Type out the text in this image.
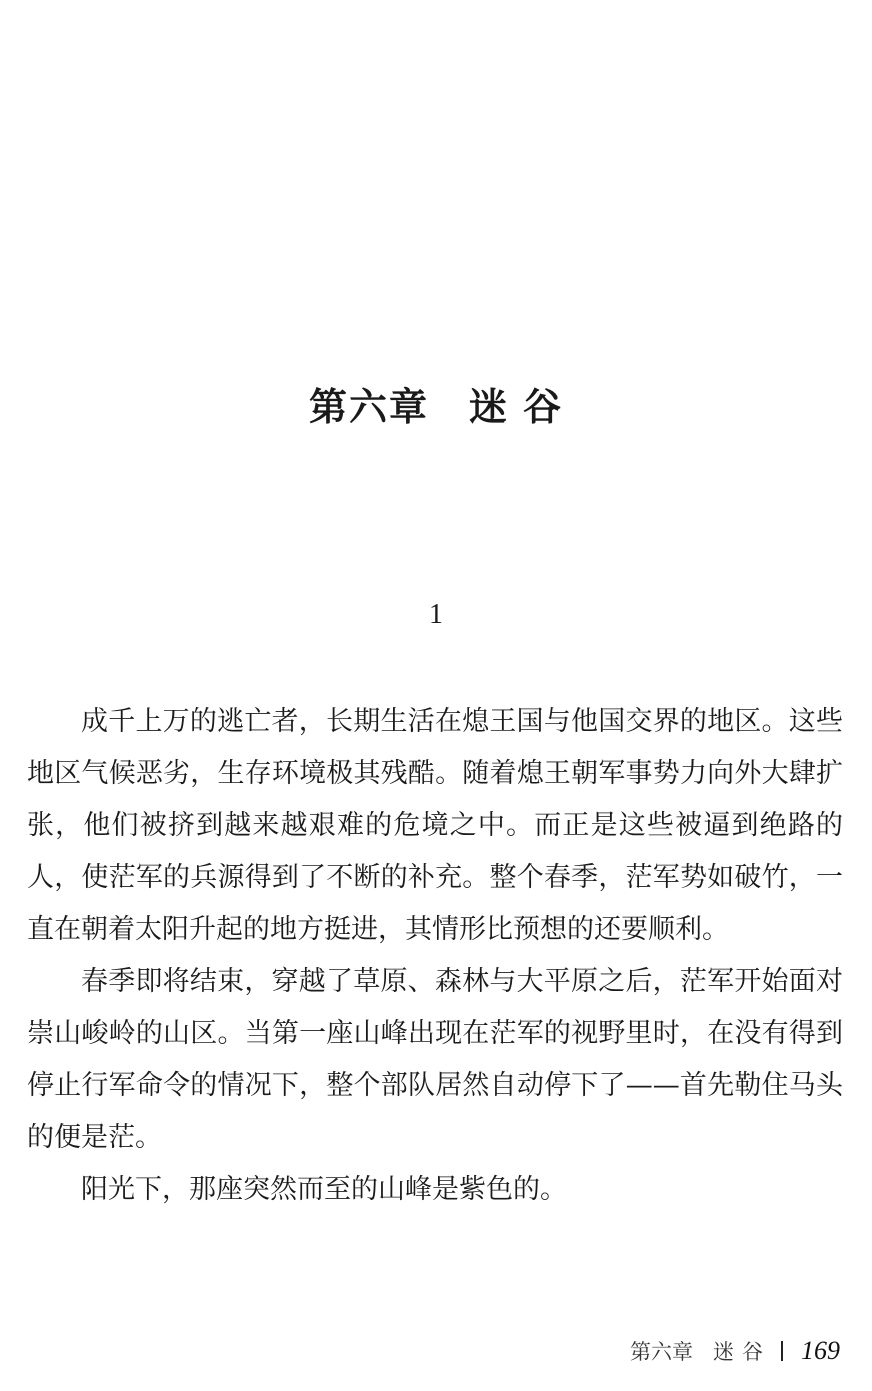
第六章 迷 谷
1

成千上万的逃亡者，长期生活在熄王国与他国交界的地区。这些地区气候恶劣，生存环境极其残酷。随着熄王朝军事势力向外大肆扩张，他们被挤到越来越艰难的危境之中。而正是这些被逼到绝路的人，使茫军的兵源得到了不断的补充。整个春季，茫军势如破竹，一直在朝着太阳升起的地方挺进，其情形比预想的还要顺利。

春季即将结束，穿越了草原、森林与大平原之后，茫军开始面对崇山峻岭的山区。当第一座山峰出现在茫军的视野里时，在没有得到停止行军命令的情况下，整个部队居然自动停下了——首先勒住马头的便是茫。

阳光下，那座突然而至的山峰是紫色的。

第六章 迷 谷 169
